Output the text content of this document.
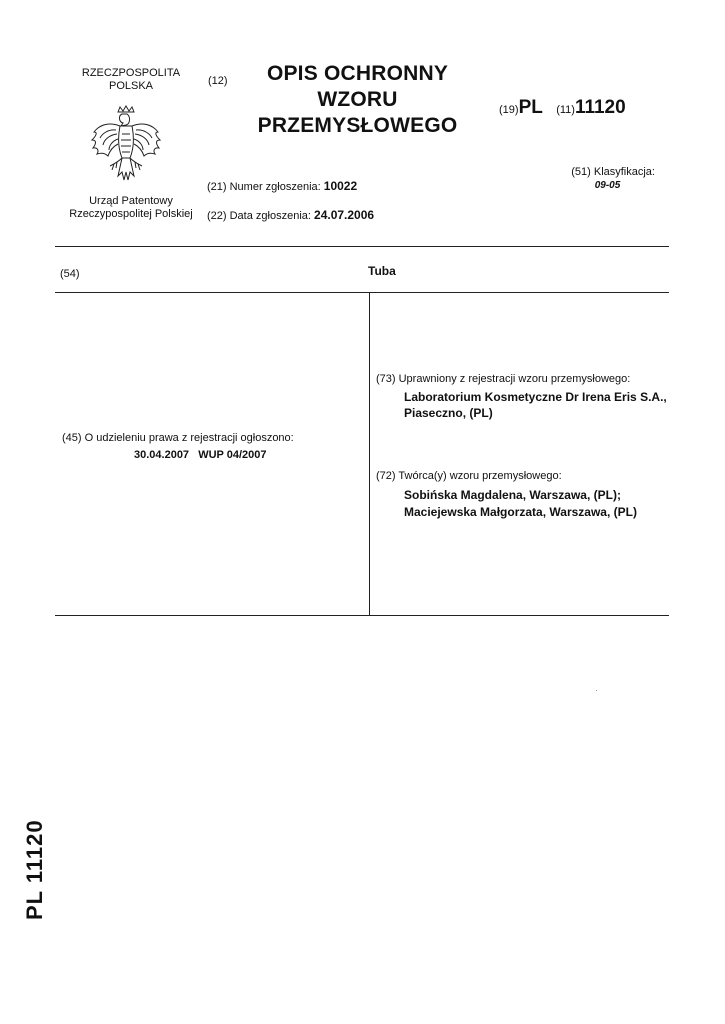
RZECZPOSPOLITA
POLSKA
Urząd Patentowy
Rzeczypospolitej Polskiej
(12)	OPIS OCHRONNY
WZORU
PRZEMYSŁOWEGO
(19)PL (11)11120
(51) Klasyfikacja:
09-05
(21) Numer zgłoszenia: 10022
(22) Data zgłoszenia: 24.07.2006
(54)	Tuba
(45) O udzieleniu prawa z rejestracji ogłoszono:
30.04.2007   WUP 04/2007
(73) Uprawniony z rejestracji wzoru przemysłowego:
Laboratorium Kosmetyczne Dr Irena Eris S.A.,
Piaseczno, (PL)
(72) Twórca(y) wzoru przemysłowego:
Sobińska Magdalena, Warszawa, (PL);
Maciejewska Małgorzata, Warszawa, (PL)
PL 11120
